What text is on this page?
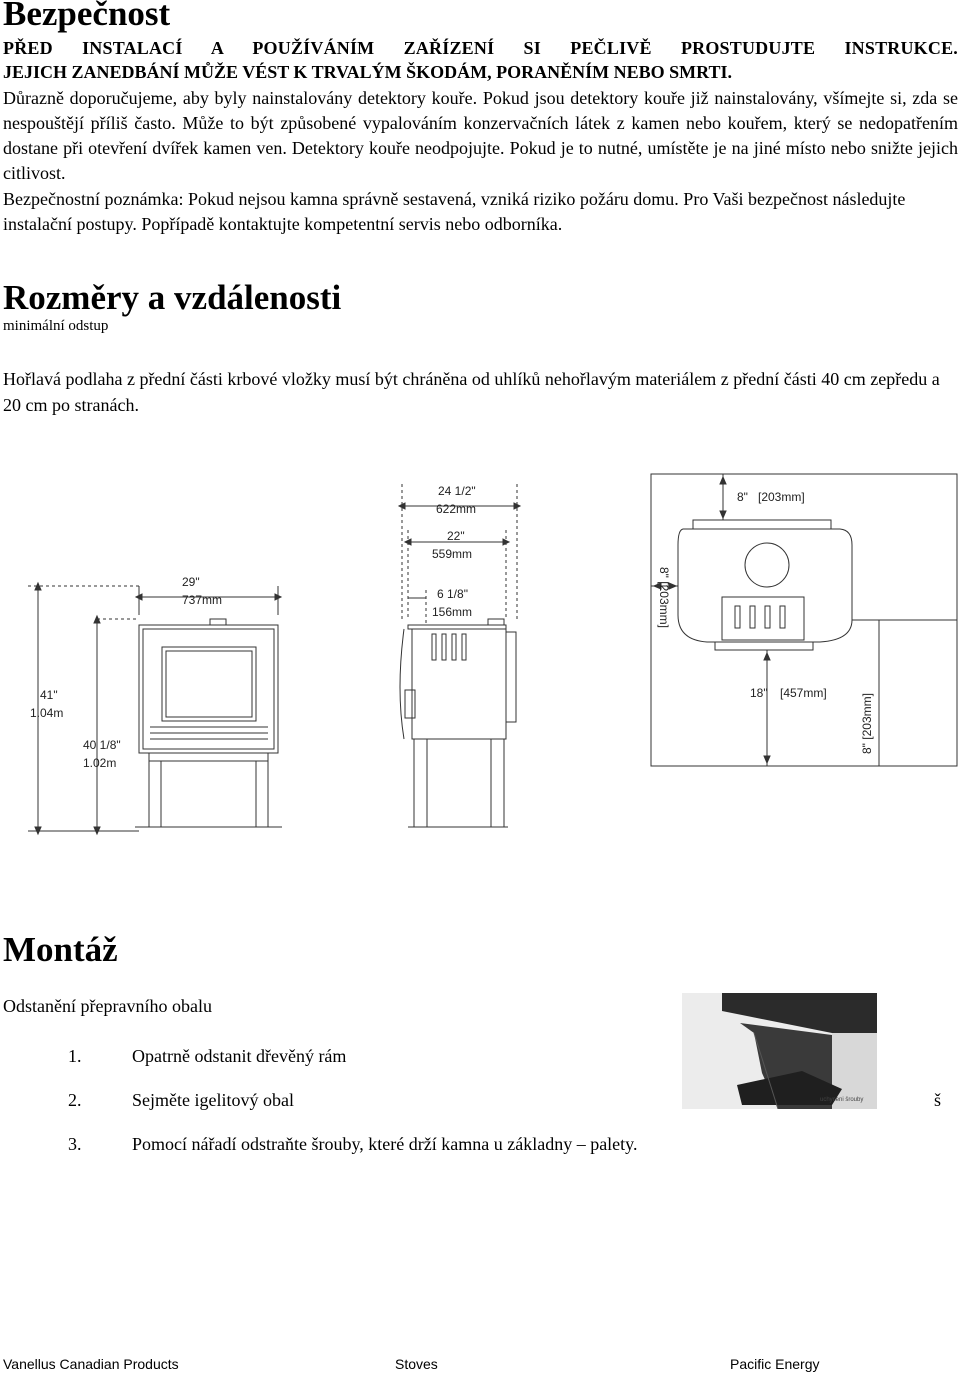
Bezpečnost
PŘED INSTALACÍ A POUŽÍVÁNÍM ZAŘÍZENÍ SI PEČLIVĚ PROSTUDUJTE INSTRUKCE.
JEJICH ZANEDBÁNÍ MŮŽE VÉST K TRVALÝM ŠKODÁM, PORANĚNÍM NEBO SMRTI.
Důrazně doporučujeme, aby byly nainstalovány detektory kouře. Pokud jsou detektory kouře již nainstalovány, všímejte si, zda se nespouštějí příliš často. Může to být způsobené vypalováním konzervačních látek z kamen nebo kouřem, který se nedopatřením dostane při otevření dvířek kamen ven. Detektory kouře neodpojujte. Pokud je to nutné, umístěte je na jiné místo nebo snižte jejich citlivost.
Bezpečnostní poznámka: Pokud nejsou kamna správně sestavená, vzniká riziko požáru domu. Pro Vaši bezpečnost následujte instalační postupy. Popřípadě kontaktujte kompetentní servis nebo odborníka.
Rozměry a vzdálenosti
minimální odstup
Hořlavá podlaha z přední části krbové vložky musí být chráněna od uhlíků nehořlavým materiálem z přední části 40 cm zepředu a 20 cm po stranách.
29"
737mm
41"
1.04m
40 1/8"
1.02m
24 1/2"
622mm
22"
559mm
6 1/8"
156mm
8" [203mm]
8" [203mm]
8" [203mm]
18" [457mm]
Montáž
Odstanění přepravního obalu
1.	Opatrně odstanit dřevěný rám
2.	Sejměte igelitový obal
3.	Pomocí nářadí odstraňte šrouby, které drží kamna u základny – palety.
uchyceni šrouby	š
Vanellus Canadian Products	Stoves	Pacific Energy
